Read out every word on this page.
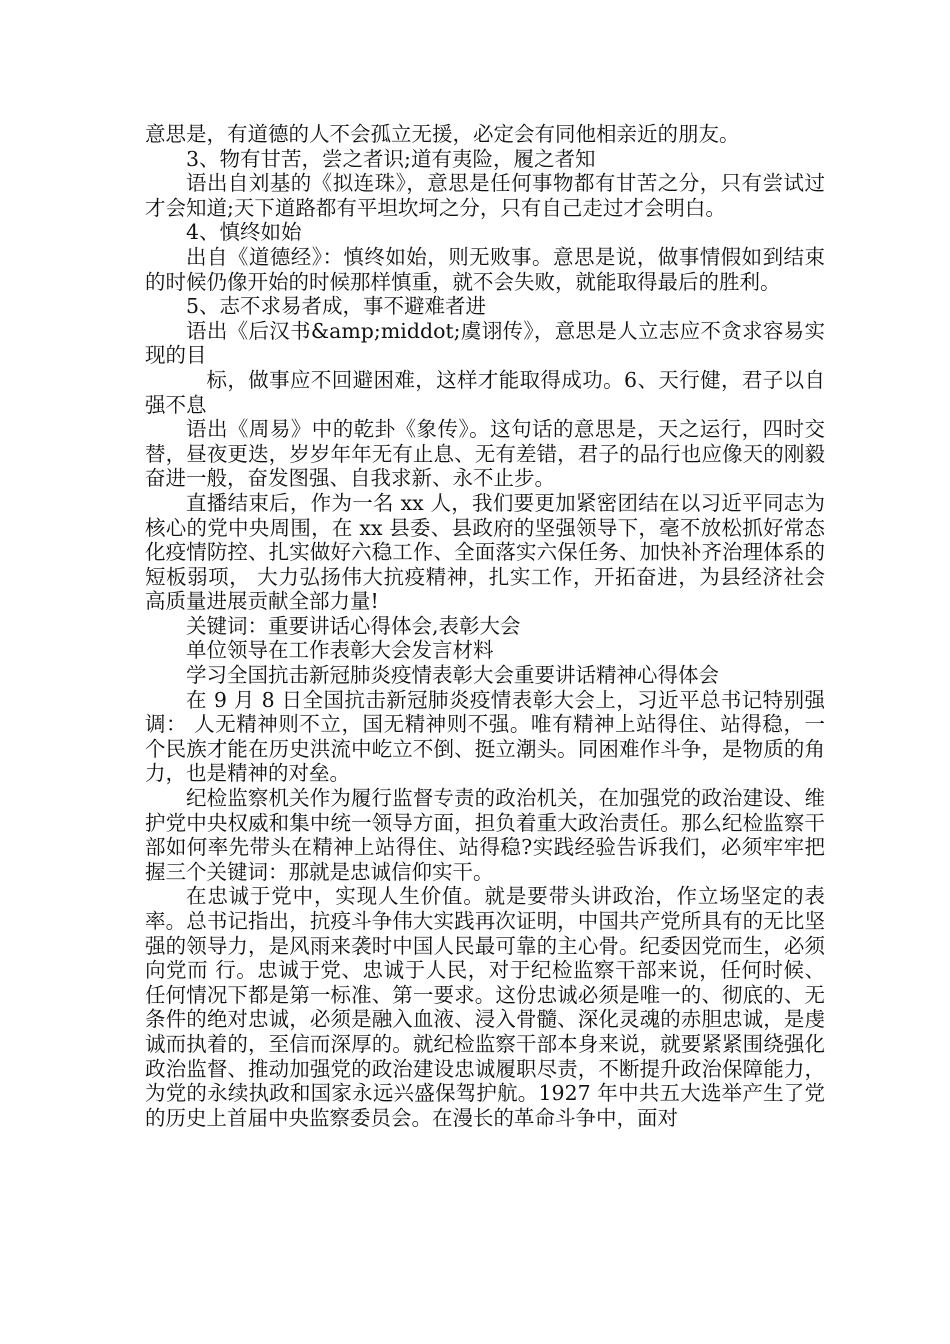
意思是，有道德的人不会孤立无援，必定会有同他相亲近的朋友。

3、物有甘苦，尝之者识;道有夷险，履之者知

语出自刘基的《拟连珠》，意思是任何事物都有甘苦之分，只有尝试过才会知道;天下道路都有平坦坎坷之分，只有自己走过才会明白。

4、慎终如始

出自《道德经》：慎终如始，则无败事。意思是说，做事情假如到结束的时候仍像开始的时候那样慎重，就不会失败，就能取得最后的胜利。

5、志不求易者成，事不避难者进

语出《后汉书&amp;middot;虞诩传》，意思是人立志应不贪求容易实现的目

标，做事应不回避困难，这样才能取得成功。6、天行健，君子以自强不息

语出《周易》中的乾卦《象传》。这句话的意思是，天之运行，四时交 替，昼夜更迭，岁岁年年无有止息、无有差错，君子的品行也应像天的刚毅奋进一般，奋发图强、自我求新、永不止步。

直播结束后，作为一名 xx 人，我们要更加紧密团结在以习近平同志为核心的党中央周围，在 xx 县委、县政府的坚强领导下，毫不放松抓好常态化疫情防控、扎实做好六稳工作、全面落实六保任务、加快补齐治理体系的短板弱项， 大力弘扬伟大抗疫精神，扎实工作，开拓奋进，为县经济社会高质量进展贡献全部力量!

关键词：重要讲话心得体会,表彰大会

单位领导在工作表彰大会发言材料

学习全国抗击新冠肺炎疫情表彰大会重要讲话精神心得体会

在 9 月 8 日全国抗击新冠肺炎疫情表彰大会上，习近平总书记特别强调： 人无精神则不立，国无精神则不强。唯有精神上站得住、站得稳，一个民族才能在历史洪流中屹立不倒、挺立潮头。同困难作斗争，是物质的角力，也是精神的对垒。

纪检监察机关作为履行监督专责的政治机关，在加强党的政治建设、维护党中央权威和集中统一领导方面，担负着重大政治责任。那么纪检监察干部如何率先带头在精神上站得住、站得稳?实践经验告诉我们，必须牢牢把握三个关键词：那就是忠诚信仰实干。

在忠诚于党中，实现人生价值。就是要带头讲政治，作立场坚定的表率。总书记指出，抗疫斗争伟大实践再次证明，中国共产党所具有的无比坚强的领导力，是风雨来袭时中国人民最可靠的主心骨。纪委因党而生，必须向党而 行。忠诚于党、忠诚于人民，对于纪检监察干部来说，任何时候、任何情况下都是第一标准、第一要求。这份忠诚必须是唯一的、彻底的、无条件的绝对忠诚，必须是融入血液、浸入骨髓、深化灵魂的赤胆忠诚，是虔诚而执着的，至信而深厚的。就纪检监察干部本身来说，就要紧紧围绕强化政治监督、推动加强党的政治建设忠诚履职尽责，不断提升政治保障能力，为党的永续执政和国家永远兴盛保驾护航。1927 年中共五大选举产生了党的历史上首届中央监察委员会。在漫长的革命斗争中，面对
